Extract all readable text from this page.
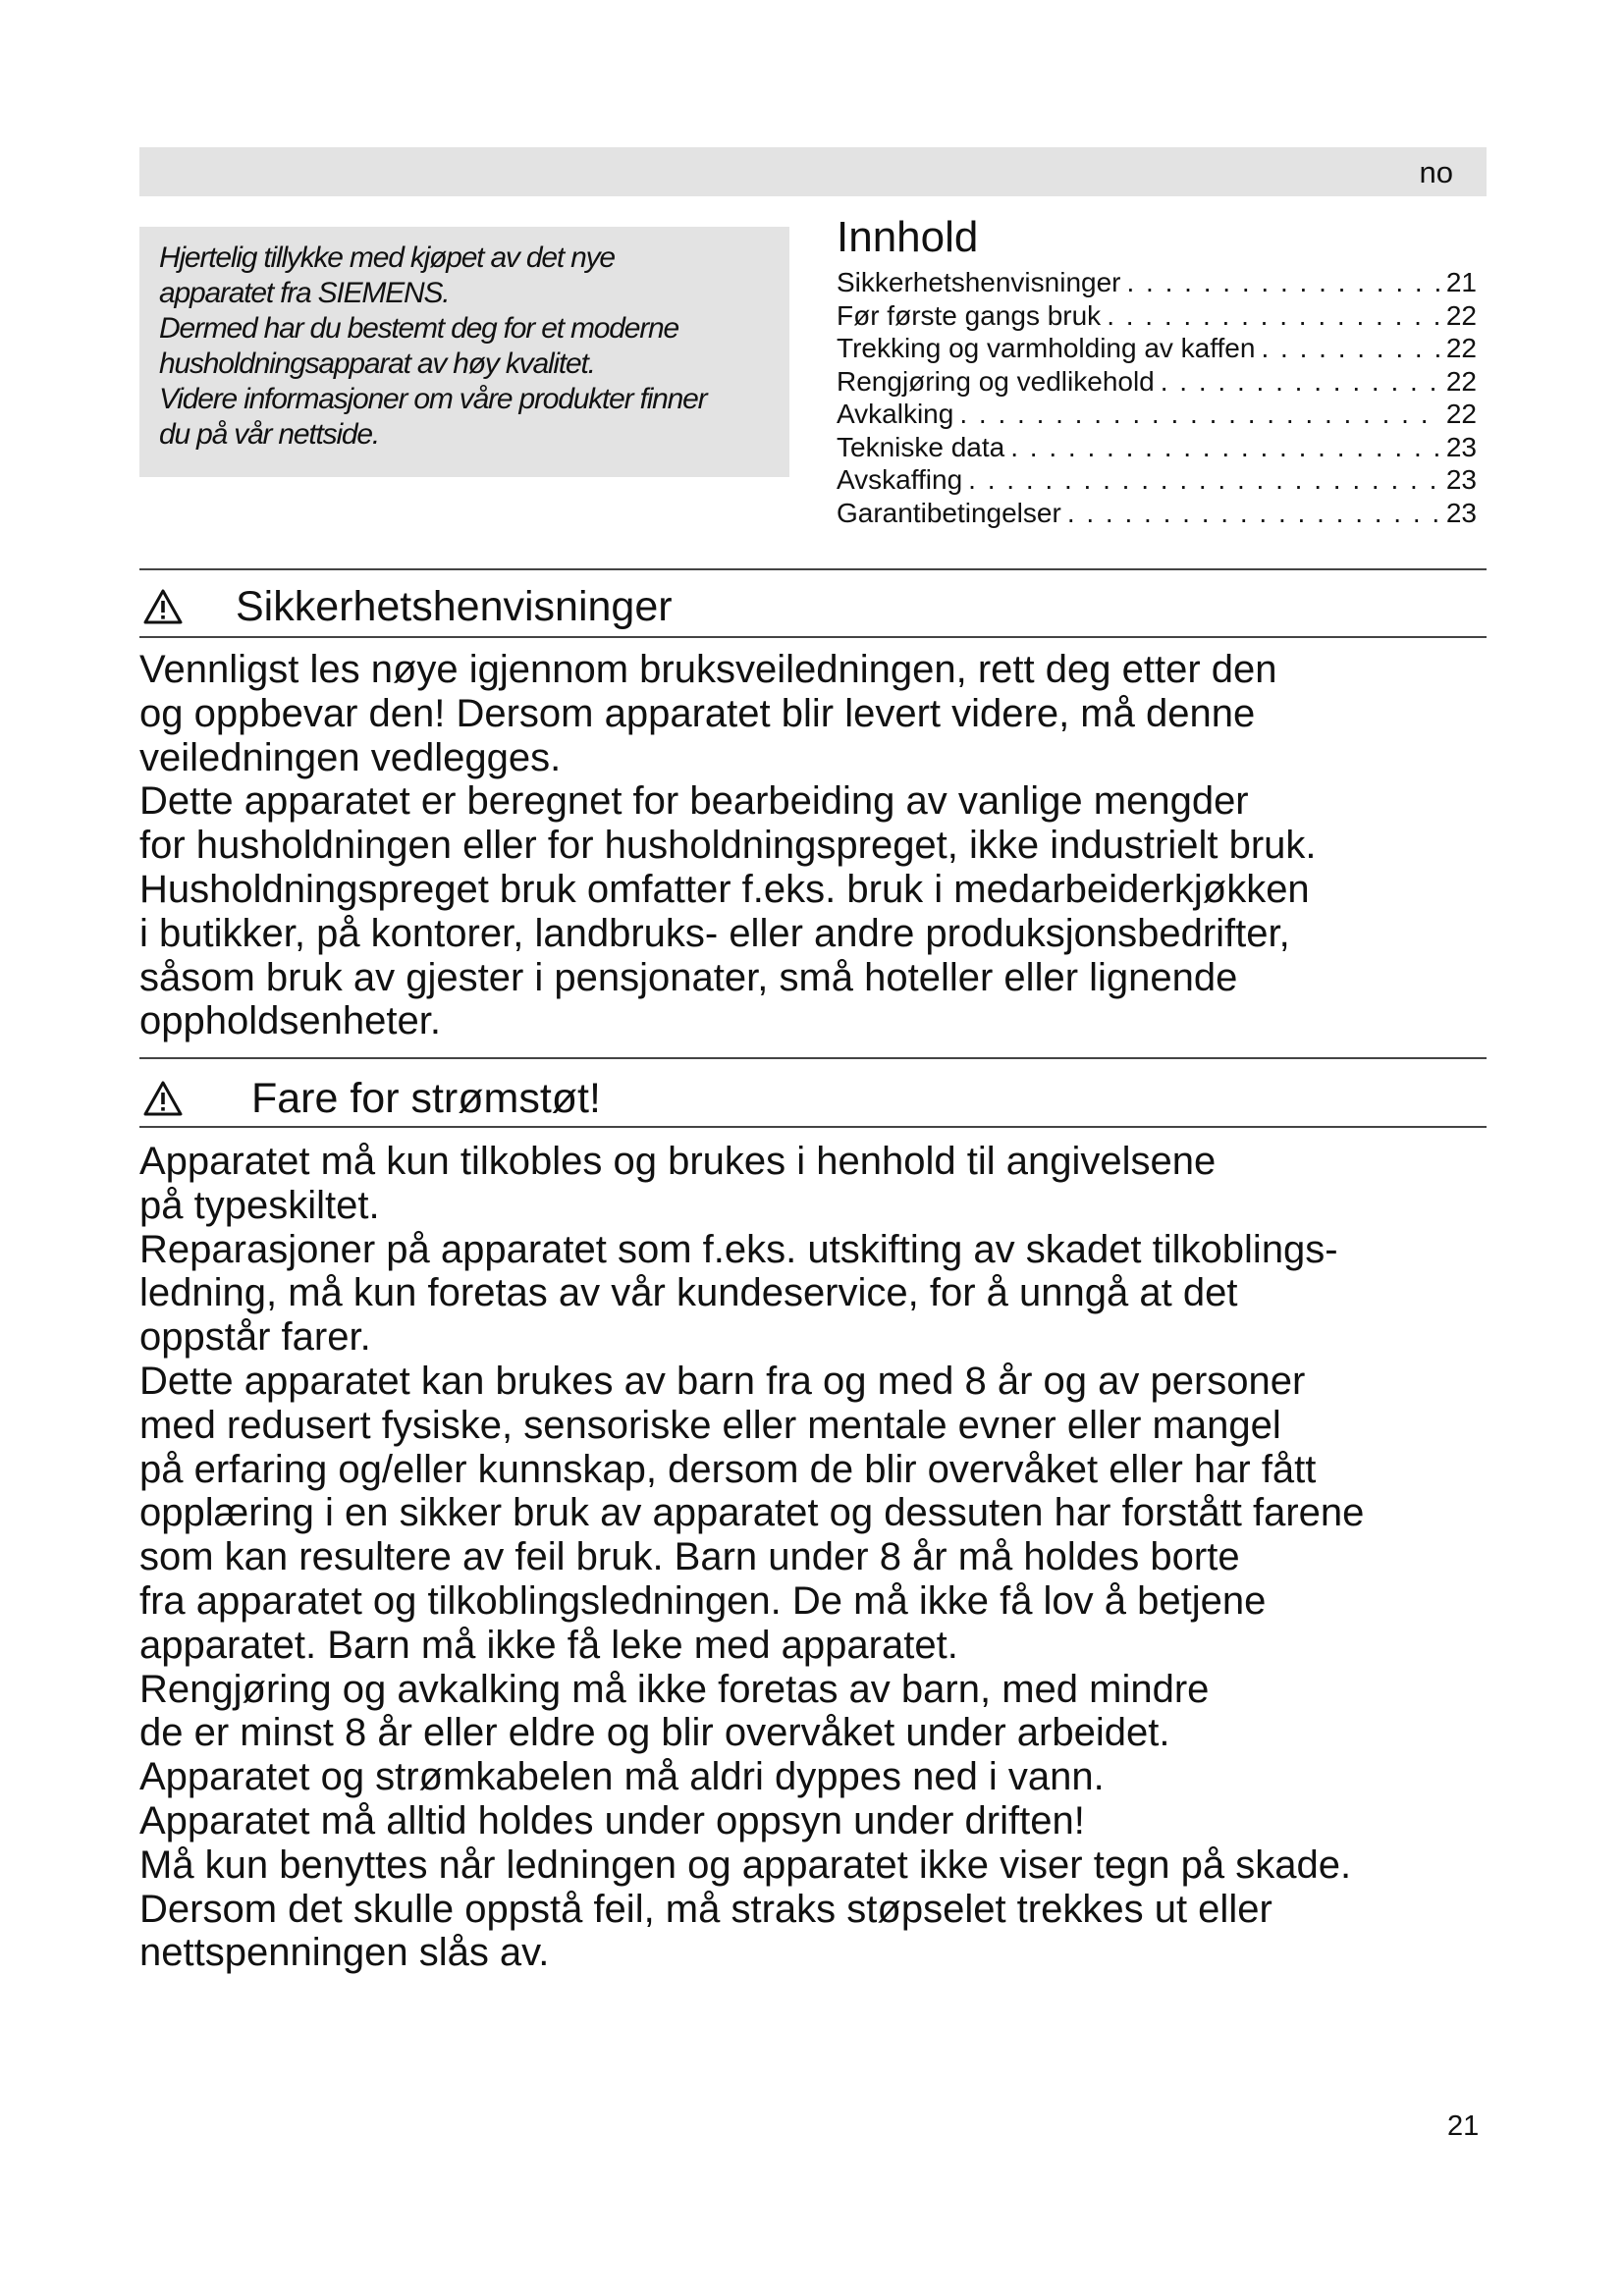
no
Hjertelig tillykke med kjøpet av det nye
apparatet fra SIEMENS.
Dermed har du bestemt deg for et moderne
husholdningsapparat av høy kvalitet.
Videre informasjoner om våre produkter finner
du på vår nettside.
Innhold
Sikkerhetshenvisninger . . .	21
Før første gangs bruk . . .	22
Trekking og varmholding av kaffen . . .	22
Rengjøring og vedlikehold . . .	22
Avkalking . . .	22
Tekniske data . . .	23
Avskaffing . . .	23
Garantibetingelser . . .	23
Sikkerhetshenvisninger
Vennligst les nøye igjennom bruksveiledningen, rett deg etter den
og oppbevar den! Dersom apparatet blir levert videre, må denne
veiledningen vedlegges.
Dette apparatet er beregnet for bearbeiding av vanlige mengder
for husholdningen eller for husholdningspreget, ikke industrielt bruk.
Husholdningspreget bruk omfatter f.eks. bruk i medarbeiderkjøkken
i butikker, på kontorer, landbruks- eller andre produksjonsbedrifter,
såsom bruk av gjester i pensjonater, små hoteller eller lignende
oppholdsenheter.
Fare for strømstøt!
Apparatet må kun tilkobles og brukes i henhold til angivelsene
på typeskiltet.
Reparasjoner på apparatet som f.eks. utskifting av skadet tilkoblings-
ledning, må kun foretas av vår kundeservice, for å unngå at det
oppstår farer.
Dette apparatet kan brukes av barn fra og med 8 år og av personer
med redusert fysiske, sensoriske eller mentale evner eller mangel
på erfaring og/eller kunnskap, dersom de blir overvåket eller har fått
opplæring i en sikker bruk av apparatet og dessuten har forstått farene
som kan resultere av feil bruk. Barn under 8 år må holdes borte
fra apparatet og tilkoblingsledningen. De må ikke få lov å betjene
apparatet. Barn må ikke få leke med apparatet.
Rengjøring og avkalking må ikke foretas av barn, med mindre
de er minst 8 år eller eldre og blir overvåket under arbeidet.
Apparatet og strømkabelen må aldri dyppes ned i vann.
Apparatet må alltid holdes under oppsyn under driften!
Må kun benyttes når ledningen og apparatet ikke viser tegn på skade.
Dersom det skulle oppstå feil, må straks støpselet trekkes ut eller
nettspenningen slås av.
21
